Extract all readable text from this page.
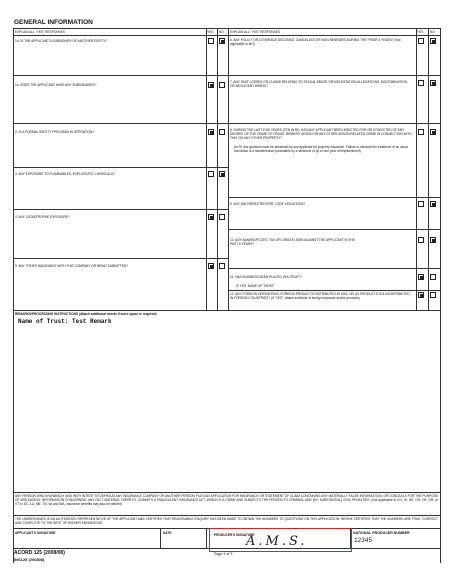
GENERAL INFORMATION
EXPLAIN ALL "YES" RESPONSES	YES NO EXPLAIN ALL "YES" RESPONSES	YES NO
1a. IS THE APPLICANT A SUBSIDIARY OF ANOTHER ENTITY?
1b. DOES THE APPLICANT HAVE ANY SUBSIDIARIES?
2. IS A FORMAL SAFETY PROGRAM IN OPERATION?
3. ANY EXPOSURE TO FLAMMABLES, EXPLOSIVES, CHEMICALS?
4. ANY CATASTROPHE EXPOSURE?
5. ANY OTHER INSURANCE WITH THIS COMPANY OR BEING SUBMITTED?
6. ANY POLICY OR COVERAGE DECLINED, CANCELLED OR NON-RENEWED DURING THE PRIOR 3 YEARS? (Not applicable in MO)
7. ANY PAST LOSSES OR CLAIMS RELATING TO SEXUAL ABUSE OR MOLESTATION ALLEGATIONS, DISCRIMINATION OR NEGLIGENT HIRING?
8. DURING THE LAST FIVE YEARS (TEN IN RI), HAS ANY APPLICANT BEEN INDICTED FOR OR CONVICTED OF ANY DEGREE OF THE CRIME OF FRAUD, BRIBERY, ARSON OR ANY OTHER ARSON-RELATED CRIME IN CONNECTION WITH THIS OR ANY OTHER PROPERTY?
(In RI, this question must be answered by any applicant for property insurance. Failure to disclose the existence of an arson conviction is a misdemeanor punishable by a sentence of up to one year of imprisonment).
9. ANY UNCORRECTED FIRE CODE VIOLATIONS?
10. ANY BANKRUPTCIES, TAX OR CREDIT LIENS AGAINST THE APPLICANT IN THE PAST 5 YEARS?
11. HAS BUSINESS BEEN PLACED IN A TRUST?
IF YES, NAME OF TRUST:
12. ANY FOREIGN OPERATIONS, FOREIGN PRODUCTS DISTRIBUTED IN USA, OR US PRODUCTS SOLD/DISTRIBUTED IN FOREIGN COUNTRIES? (If "YES", attach schedule of foreign exposure and/or products)
REMARKS/PROCESSING INSTRUCTIONS (Attach additional sheets if more space is required)
Name of Trust: Test Remark
ANY PERSON WHO KNOWINGLY AND WITH INTENT TO DEFRAUD ANY INSURANCE COMPANY OR ANOTHER PERSON FILES AN APPLICATION FOR INSURANCE OR STATEMENT OF CLAIM CONTAINING ANY MATERIALLY FALSE INFORMATION, OR CONCEALS FOR THE PURPOSE OF MISLEADING, INFORMATION CONCERNING ANY FACT MATERIAL THERETO, COMMITS A FRAUDULENT INSURANCE ACT, WHICH IS A CRIME AND SUBJECTS THE PERSON TO CRIMINAL AND [NY: SUBSTANTIAL] CIVIL PENALTIES. (Not applicable in CO, HI, NE, OH, OK, OR, or VT; in DC, LA, ME, TN, VA and WA, insurance benefits may also be denied)
THE UNDERSIGNED IS AN AUTHORIZED REPRESENTATIVE OF THE APPLICANT AND CERTIFIES THAT REASONABLE ENQUIRY HAS BEEN MADE TO OBTAIN THE ANSWERS TO QUESTIONS ON THIS APPLICATION. HE/SHE CERTIFIES THAT THE ANSWERS ARE TRUE, CORRECT AND COMPLETE TO THE BEST OF HIS/HER KNOWLEDGE.
APPLICANT'S SIGNATURE	DATE	PRODUCER'S SIGNATURE
A.M.S.
NATIONAL PRODUCER NUMBER
12345
ACORD 125 (2008/08)
INS125 (200808)
Page 3 of 3
